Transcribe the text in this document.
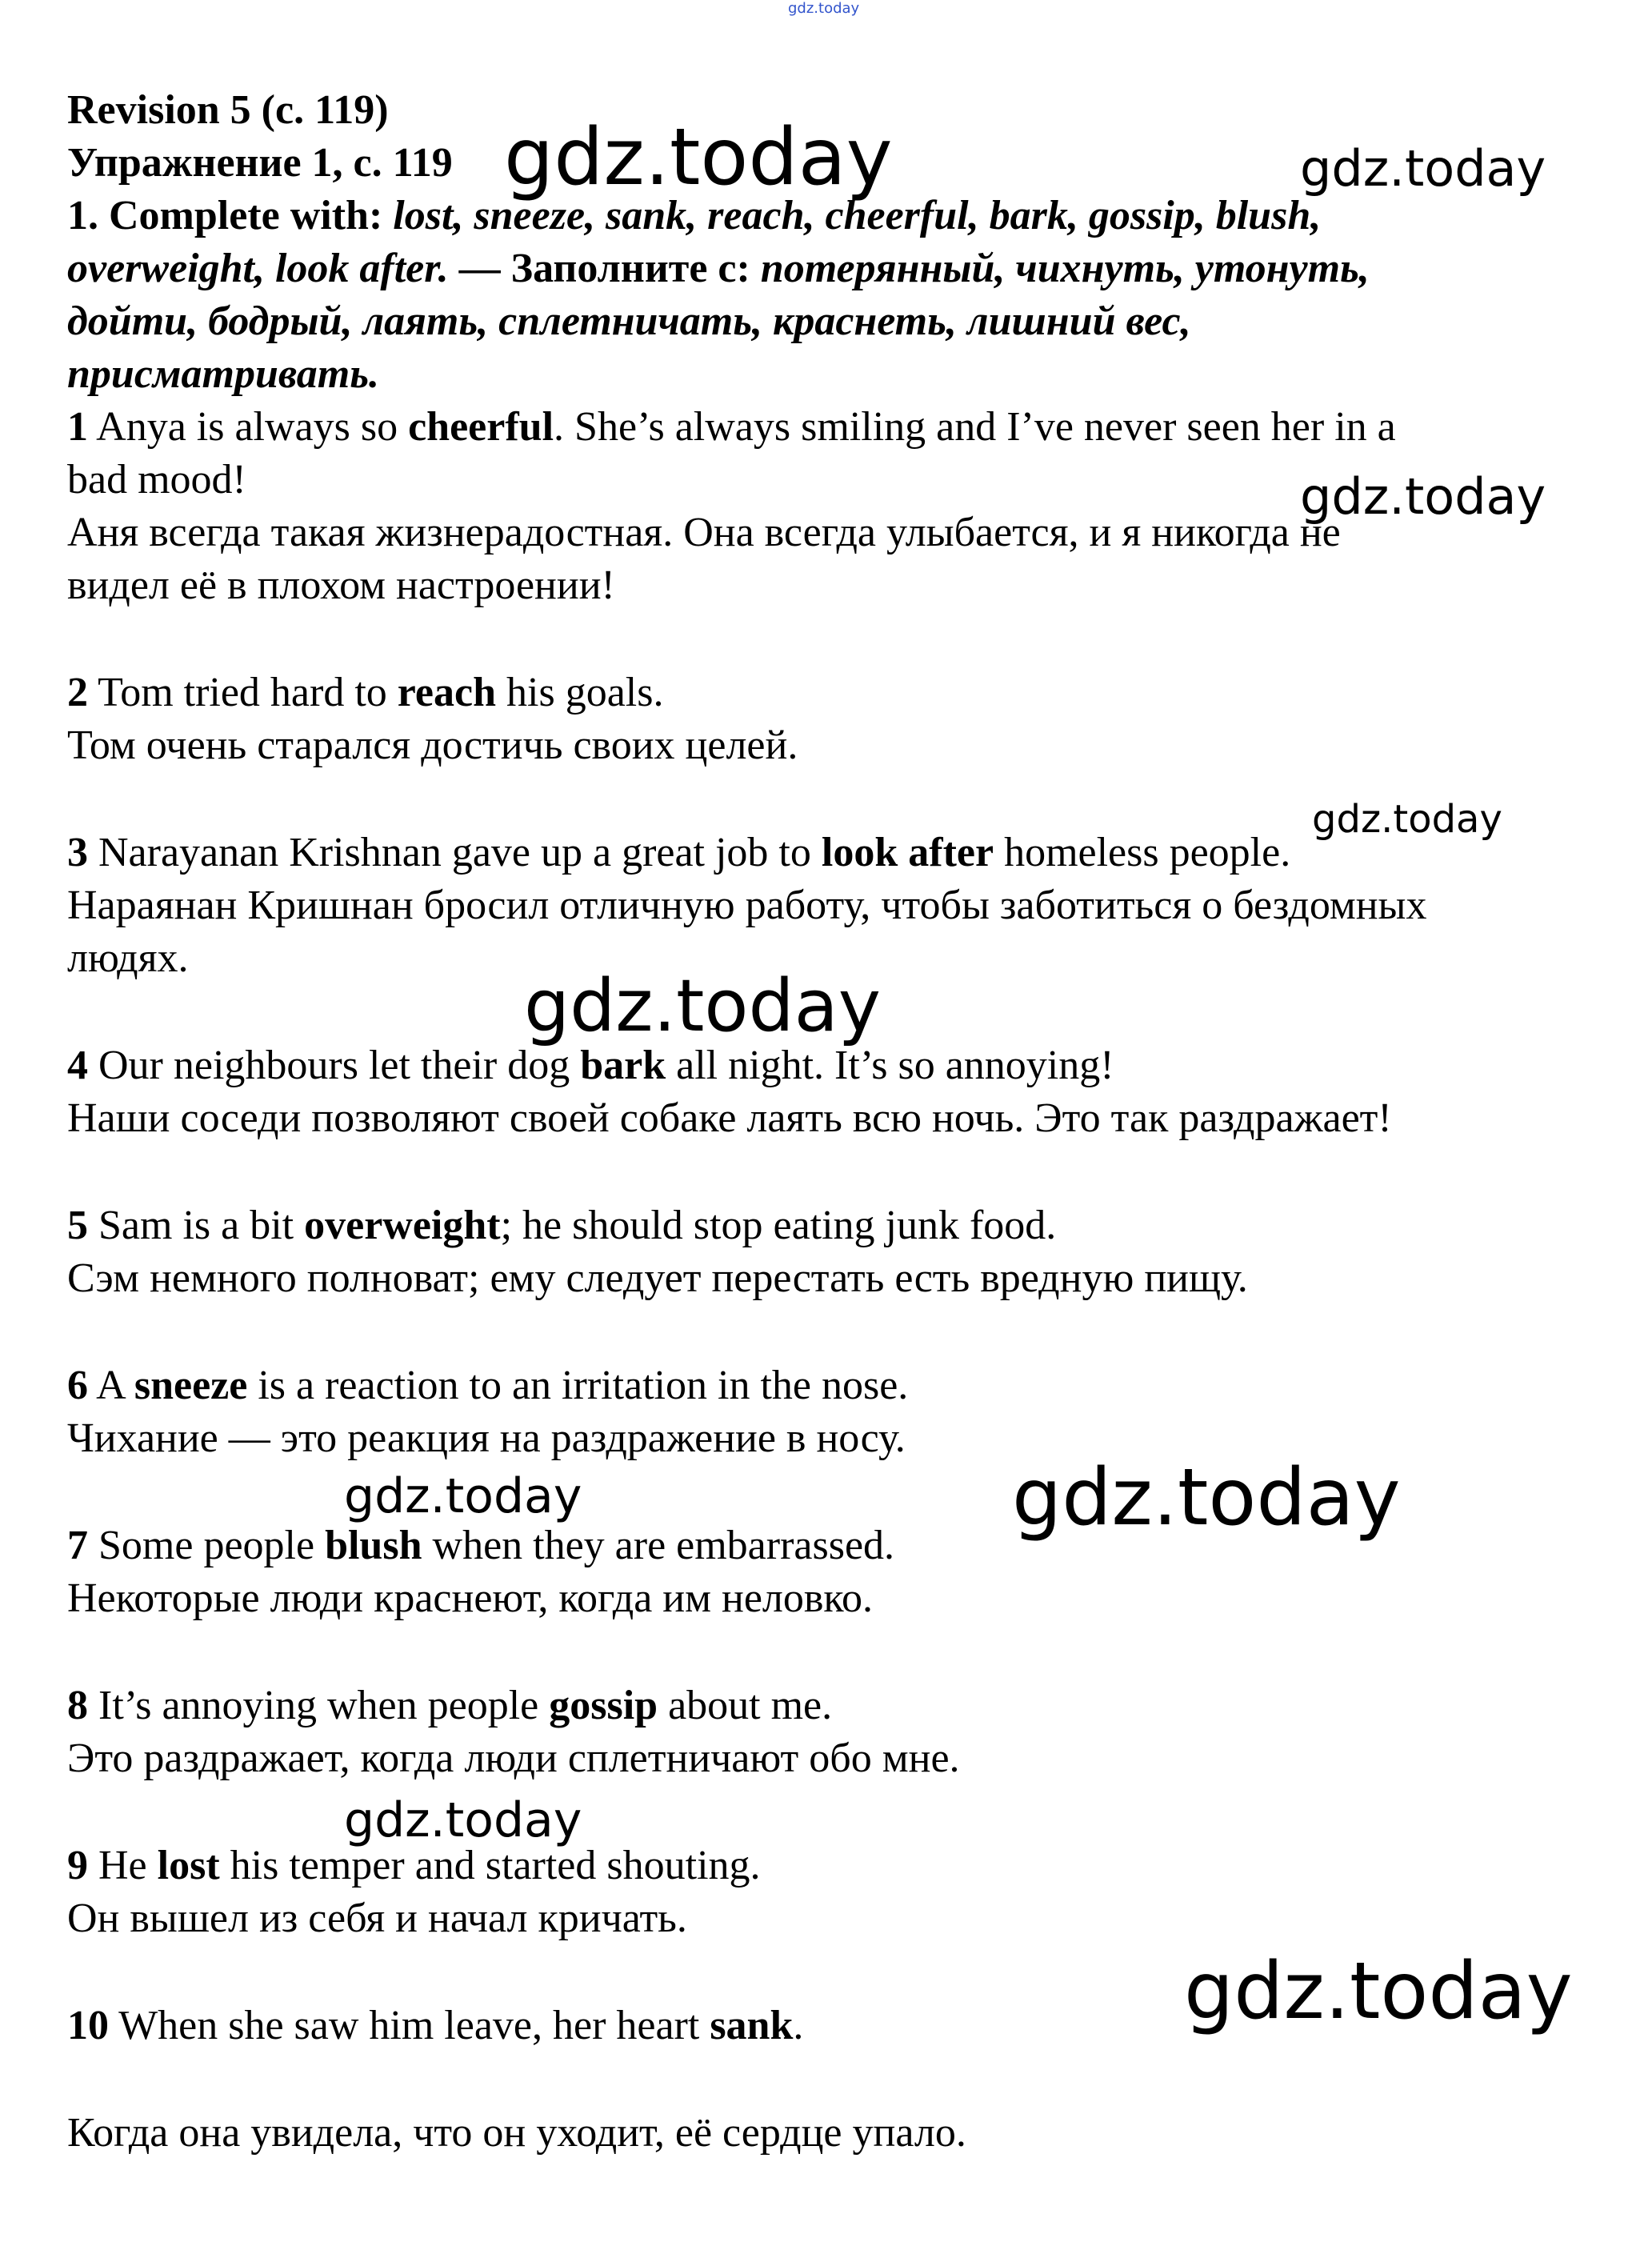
gdz.today
gdz.today	gdz.today
gdz.today
gdz.today
gdz.today
gdz.today	gdz.today
gdz.today
gdz.today
Revision 5 (с. 119)
Упражнение 1, с. 119
1. Complete with: lost, sneeze, sank, reach, cheerful, bark, gossip, blush,
overweight, look after. — Заполните с: потерянный, чихнуть, утонуть,
дойти, бодрый, лаять, сплетничать, краснеть, лишний вес,
присматривать.
1 Anya is always so cheerful. She’s always smiling and I’ve never seen her in a
bad mood!
Аня всегда такая жизнерадостная. Она всегда улыбается, и я никогда не
видел её в плохом настроении!
2 Tom tried hard to reach his goals.
Том очень старался достичь своих целей.
3 Narayanan Krishnan gave up a great job to look after homeless people.
Нараянан Кришнан бросил отличную работу, чтобы заботиться о бездомных
людях.
4 Our neighbours let their dog bark all night. It’s so annoying!
Наши соседи позволяют своей собаке лаять всю ночь. Это так раздражает!
5 Sam is a bit overweight; he should stop eating junk food.
Сэм немного полноват; ему следует перестать есть вредную пищу.
6 A sneeze is a reaction to an irritation in the nose.
Чихание — это реакция на раздражение в носу.
7 Some people blush when they are embarrassed.
Некоторые люди краснеют, когда им неловко.
8 It’s annoying when people gossip about me.
Это раздражает, когда люди сплетничают обо мне.
9 He lost his temper and started shouting.
Он вышел из себя и начал кричать.
10 When she saw him leave, her heart sank.
Когда она увидела, что он уходит, её сердце упало.
